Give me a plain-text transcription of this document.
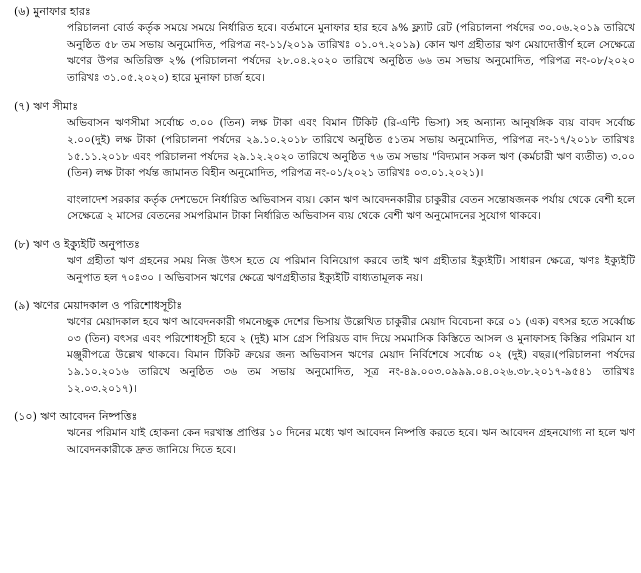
(৬) মুনাফার হারঃ

পরিচালনা বোর্ড কর্তৃক সময়ে সময়ে নির্ধারিত হবে। বর্তমানে মুনাফার হার হবে ৯% ফ্ল্যাট রেট (পরিচালনা পর্ষদের ৩০.০৬.২০১৯ তারিখে অনুষ্ঠিত ৫৮ তম সভায় অনুমোদিত, পরিপত্র নং-১১/২০১৯ তারিখঃ ০১.০৭.২০১৯) কোন ঋণ গ্রহীতার ঋণ মেয়াদোত্তীর্ণ হলে সেক্ষেত্রে ঋণের উপর অতিরিক্ত ২% (পরিচালনা পর্ষদের ২৮.০৪.২০২০ তারিখে অনুষ্ঠিত ৬৬ তম সভায় অনুমোদিত, পরিপত্র নং-০৮/২০২০ তারিখঃ ৩১.০৫.২০২০) হারে মুনাফা চার্জ হবে।

(৭) ঋণ সীমাঃ

অভিবাসন ঋণসীমা সর্বোচ্চ ৩.০০ (তিন) লক্ষ টাকা এবং বিমান টিকিট (রি-এন্টি ভিসা) সহ অন্যান্য আনুষঙ্গিক ব্যয় বাবদ সর্বোচ্চ ২.০০(দুই) লক্ষ টাকা (পরিচালনা পর্ষদের ২৯.১০.২০১৮ তারিখে অনুষ্ঠিত ৫১তম সভায় অনুমোদিত, পরিপত্র নং-১৭/২০১৮ তারিখঃ ১৫.১১.২০১৮ এবং পরিচালনা পর্ষদের ২৯.১২.২০২০ তারিখে অনুষ্ঠিত ৭৬ তম সভায় "বিদ্যমান সকল ঋণ (কর্মচারী ঋণ ব্যতীত) ৩.০০ (তিন) লক্ষ টাকা পর্যন্ত জামানত বিহীন অনুমোদিত, পরিপত্র নং-০১/২০২১ তারিখঃ ০৩.০১.২০২১)।

বাংলাদেশ সরকার কর্তৃক দেশভেদে নির্ধারিত অভিবাসন ব্যয়। কোন ঋণ আবেদনকারীর চাকুরীর বেতন সন্তোষজনক পর্যায় থেকে বেশী হলে সেক্ষেত্রে ২ মাসের বেতনের সমপরিমান টাকা নির্ধারিত অভিবাসন ব্যয় থেকে বেশী ঋণ অনুমোদনের সুযোগ থাকবে।

(৮) ঋণ ও ইক্যুইটি অনুপাতঃ

ঋণ গ্রহীতা ঋণ গ্রহনের সময় নিজ উৎস হতে যে পরিমান বিনিয়োগ করবে তাই ঋণ গ্রহীতার ইক্যুইটি। সাধারন ক্ষেত্রে, ঋণঃ ইক্যুইটি অনুপাত হল ৭০ঃ৩০ । অভিবাসন ঋণের ক্ষেত্রে ঋণগ্রহীতার ইক্যুইটি বাধ্যতামূলক নয়।

(৯) ঋণের মেয়াদকাল ও পরিশোধসূচীঃ

ঋণের মেয়াদকাল হবে ঋণ আবেদনকারী গমনেচ্ছুক দেশের ভিসায় উল্লেখিত চাকুরীর মেয়াদ বিবেচনা করে ০১ (এক) বৎসর হতে সর্ব্বোচ্চ ০৩ (তিন) বৎসর এবং পরিশোধসূচী হবে ২ (দুই) মাস গ্রেস পিরিয়ড বাদ দিয়ে সমমাসিক কিস্তিতে আসল ও মুনাফাসহ কিস্তির পরিমান যা মঞ্জুরীপত্রে উল্লেখ থাকবে। বিমান টিকিট ক্রয়ের জন্য অভিবাসন ঋণের মেয়াদ নির্বিশেষে সর্বোচ্চ ০২ (দুই) বছর।(পরিচালনা পর্ষদের ১৯.১০.২০১৬ তারিখে অনুষ্ঠিত ৩৬ তম সভায় অনুমোদিত, সূত্র নং-৪৯.০০৩.০৯৯৯.০৪.০২৬.৩৮.২০১৭-৯৫৪১ তারিখঃ ১২.০৩.২০১৭)।

(১০) ঋণ আবেদন নিষ্পত্তিঃ

ঋনের পরিমান যাই হোকনা কেন দরখাস্ত প্রাপ্তির ১০ দিনের মধ্যে ঋণ আবেদন নিষ্পত্তি করতে হবে। ঋন আবেদন গ্রহনযোগ্য না হলে ঋণ আবেদনকারীকে দ্রুত জানিয়ে দিতে হবে।
